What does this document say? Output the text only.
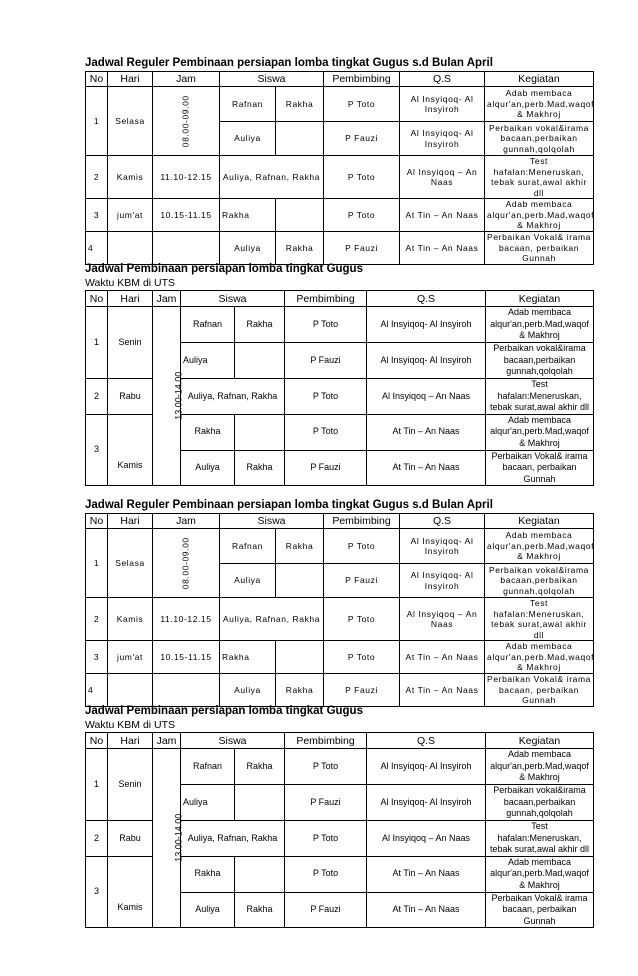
Jadwal Reguler Pembinaan persiapan lomba tingkat Gugus s.d Bulan April
No	Hari	Jam	Siswa		Pembimbing	Q.S	Kegiatan
1	Selasa	08.00-09.00	Rafnan	Rakha	P Toto	Al Insyiqoq- Al Insyiroh	Adab membaca alqur'an,perb.Mad,waqof & Makhroj
			Auliya		P Fauzi	Al Insyiqoq- Al Insyiroh	Perbaikan vokal&irama bacaan,perbaikan gunnah,qolqolah
2	Kamis	11.10-12.15	Auliya, Rafnan, Rakha		P Toto	Al Insyiqoq – An Naas	Test hafalan:Meneruskan, tebak surat,awal akhir dll
3	jum'at	10.15-11.15	Rakha		P Toto	At Tin – An Naas	Adab membaca alqur'an,perb.Mad,waqof & Makhroj
4			Auliya	Rakha	P Fauzi	At Tin – An Naas	Perbaikan Vokal& irama bacaan, perbaikan Gunnah
Jadwal Pembinaan persiapan lomba tingkat Gugus
Waktu KBM di UTS
No	Hari	Jam	Siswa		Pembimbing	Q.S	Kegiatan
1	Senin	13.00-14.00	Rafnan	Rakha	P Toto	Al Insyiqoq- Al Insyiroh	Adab membaca alqur'an,perb.Mad,waqof & Makhroj
			Auliya		P Fauzi	Al Insyiqoq- Al Insyiroh	Perbaikan vokal&irama bacaan,perbaikan gunnah,qolqolah
2	Rabu		Auliya, Rafnan, Rakha		P Toto	Al Insyiqoq – An Naas	Test hafalan:Meneruskan, tebak surat,awal akhir dll
3	Kamis		Rakha		P Toto	At Tin – An Naas	Adab membaca alqur'an,perb.Mad,waqof & Makhroj
			Auliya	Rakha	P Fauzi	At Tin – An Naas	Perbaikan Vokal& irama bacaan, perbaikan Gunnah
Jadwal Reguler Pembinaan persiapan lomba tingkat Gugus s.d Bulan April
No	Hari	Jam	Siswa		Pembimbing	Q.S	Kegiatan
1	Selasa	08.00-09.00	Rafnan	Rakha	P Toto	Al Insyiqoq- Al Insyiroh	Adab membaca alqur'an,perb.Mad,waqof & Makhroj
			Auliya		P Fauzi	Al Insyiqoq- Al Insyiroh	Perbaikan vokal&irama bacaan,perbaikan gunnah,qolqolah
2	Kamis	11.10-12.15	Auliya, Rafnan, Rakha		P Toto	Al Insyiqoq – An Naas	Test hafalan:Meneruskan, tebak surat,awal akhir dll
3	jum'at	10.15-11.15	Rakha		P Toto	At Tin – An Naas	Adab membaca alqur'an,perb.Mad,waqof & Makhroj
4			Auliya	Rakha	P Fauzi	At Tin – An Naas	Perbaikan Vokal& irama bacaan, perbaikan Gunnah
Jadwal Pembinaan persiapan lomba tingkat Gugus
Waktu KBM di UTS
No	Hari	Jam	Siswa		Pembimbing	Q.S	Kegiatan
1	Senin	13.00-14.00	Rafnan	Rakha	P Toto	Al Insyiqoq- Al Insyiroh	Adab membaca alqur'an,perb.Mad,waqof & Makhroj
			Auliya		P Fauzi	Al Insyiqoq- Al Insyiroh	Perbaikan vokal&irama bacaan,perbaikan gunnah,qolqolah
2	Rabu		Auliya, Rafnan, Rakha		P Toto	Al Insyiqoq – An Naas	Test hafalan:Meneruskan, tebak surat,awal akhir dll
3	Kamis		Rakha		P Toto	At Tin – An Naas	Adab membaca alqur'an,perb.Mad,waqof & Makhroj
			Auliya	Rakha	P Fauzi	At Tin – An Naas	Perbaikan Vokal& irama bacaan, perbaikan Gunnah
